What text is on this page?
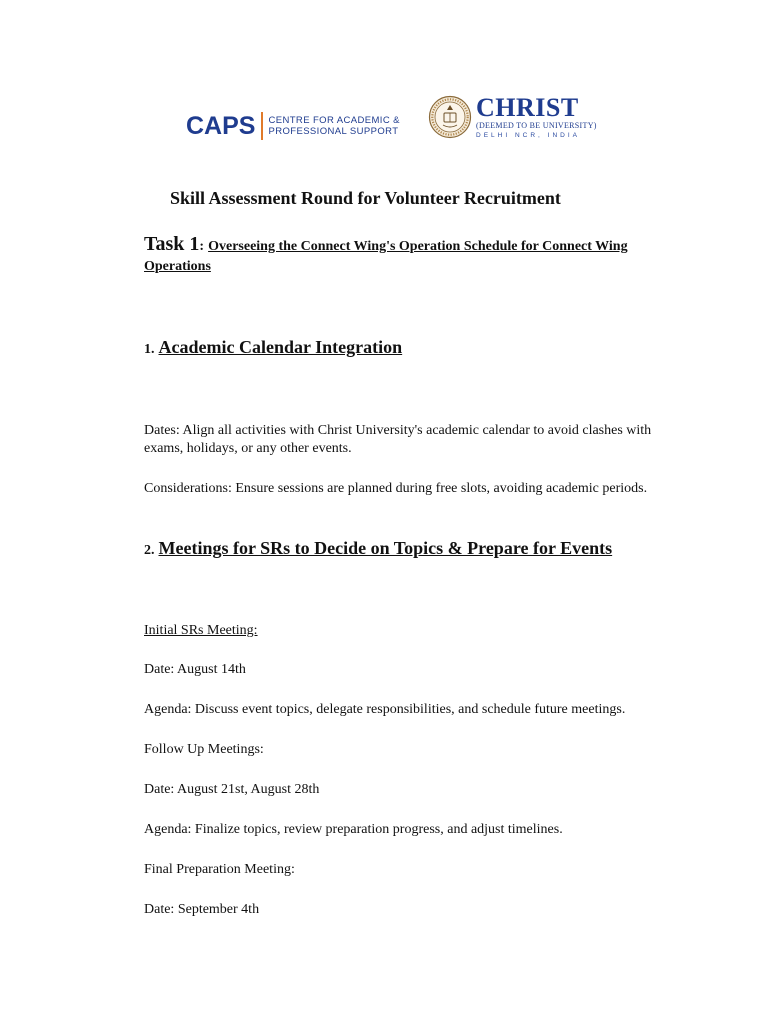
CAPS CENTRE FOR ACADEMIC &
PROFESSIONAL SUPPORT
CHRIST
(DEEMED TO BE UNIVERSITY)
DELHI NCR, INDIA
Skill Assessment Round for Volunteer Recruitment
Task 1: Overseeing the Connect Wing's Operation Schedule for Connect Wing Operations
1. Academic Calendar Integration
Dates: Align all activities with Christ University's academic calendar to avoid clashes with exams, holidays, or any other events.
Considerations: Ensure sessions are planned during free slots, avoiding academic periods.
2. Meetings for SRs to Decide on Topics & Prepare for Events
Initial SRs Meeting:
Date: August 14th
Agenda: Discuss event topics, delegate responsibilities, and schedule future meetings.
Follow Up Meetings:
Date: August 21st, August 28th
Agenda: Finalize topics, review preparation progress, and adjust timelines.
Final Preparation Meeting:
Date: September 4th
